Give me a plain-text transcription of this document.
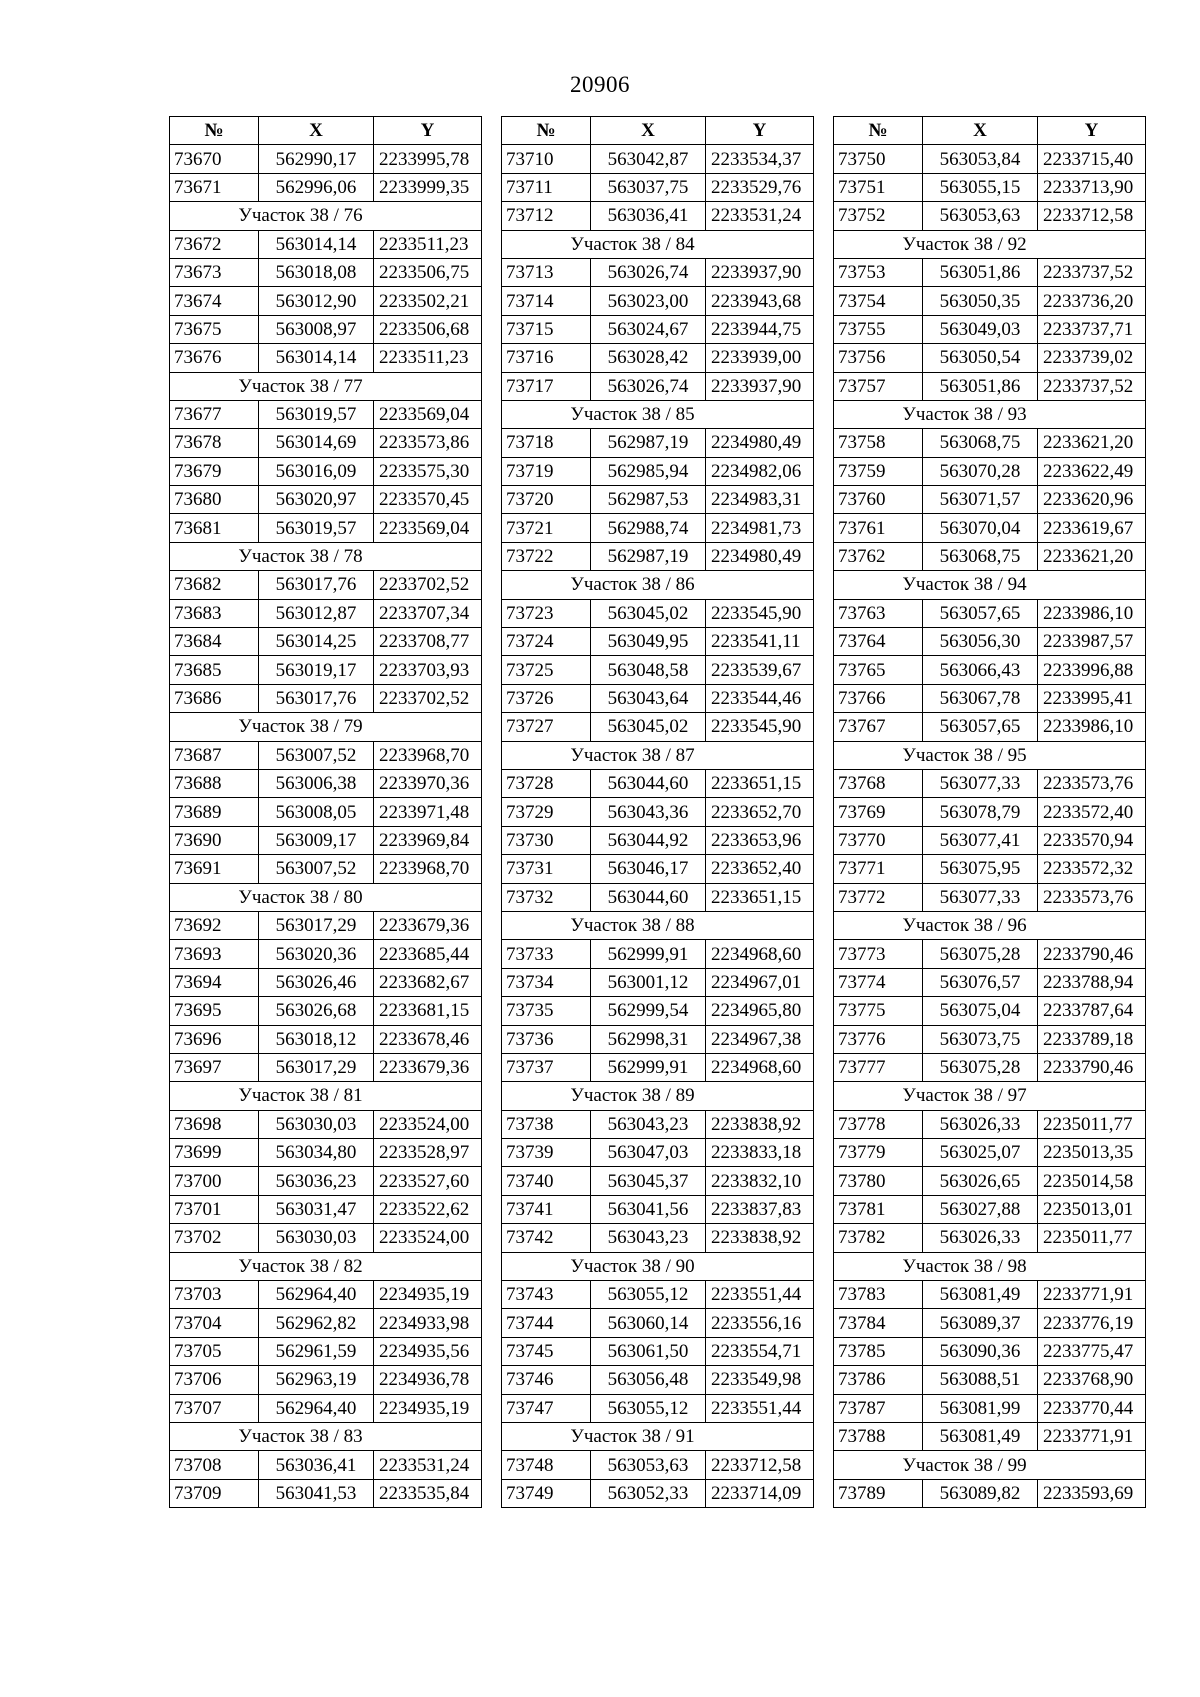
20906
№	X	Y
73670	562990,17	2233995,78
73671	562996,06	2233999,35
Участок 38 / 76		
73672	563014,14	2233511,23
73673	563018,08	2233506,75
73674	563012,90	2233502,21
73675	563008,97	2233506,68
73676	563014,14	2233511,23
Участок 38 / 77		
73677	563019,57	2233569,04
73678	563014,69	2233573,86
73679	563016,09	2233575,30
73680	563020,97	2233570,45
73681	563019,57	2233569,04
Участок 38 / 78		
73682	563017,76	2233702,52
73683	563012,87	2233707,34
73684	563014,25	2233708,77
73685	563019,17	2233703,93
73686	563017,76	2233702,52
Участок 38 / 79		
73687	563007,52	2233968,70
73688	563006,38	2233970,36
73689	563008,05	2233971,48
73690	563009,17	2233969,84
73691	563007,52	2233968,70
Участок 38 / 80		
73692	563017,29	2233679,36
73693	563020,36	2233685,44
73694	563026,46	2233682,67
73695	563026,68	2233681,15
73696	563018,12	2233678,46
73697	563017,29	2233679,36
Участок 38 / 81		
73698	563030,03	2233524,00
73699	563034,80	2233528,97
73700	563036,23	2233527,60
73701	563031,47	2233522,62
73702	563030,03	2233524,00
Участок 38 / 82		
73703	562964,40	2234935,19
73704	562962,82	2234933,98
73705	562961,59	2234935,56
73706	562963,19	2234936,78
73707	562964,40	2234935,19
Участок 38 / 83		
73708	563036,41	2233531,24
73709	563041,53	2233535,84
№	X	Y
73710	563042,87	2233534,37
73711	563037,75	2233529,76
73712	563036,41	2233531,24
Участок 38 / 84		
73713	563026,74	2233937,90
73714	563023,00	2233943,68
73715	563024,67	2233944,75
73716	563028,42	2233939,00
73717	563026,74	2233937,90
Участок 38 / 85		
73718	562987,19	2234980,49
73719	562985,94	2234982,06
73720	562987,53	2234983,31
73721	562988,74	2234981,73
73722	562987,19	2234980,49
Участок 38 / 86		
73723	563045,02	2233545,90
73724	563049,95	2233541,11
73725	563048,58	2233539,67
73726	563043,64	2233544,46
73727	563045,02	2233545,90
Участок 38 / 87		
73728	563044,60	2233651,15
73729	563043,36	2233652,70
73730	563044,92	2233653,96
73731	563046,17	2233652,40
73732	563044,60	2233651,15
Участок 38 / 88		
73733	562999,91	2234968,60
73734	563001,12	2234967,01
73735	562999,54	2234965,80
73736	562998,31	2234967,38
73737	562999,91	2234968,60
Участок 38 / 89		
73738	563043,23	2233838,92
73739	563047,03	2233833,18
73740	563045,37	2233832,10
73741	563041,56	2233837,83
73742	563043,23	2233838,92
Участок 38 / 90		
73743	563055,12	2233551,44
73744	563060,14	2233556,16
73745	563061,50	2233554,71
73746	563056,48	2233549,98
73747	563055,12	2233551,44
Участок 38 / 91		
73748	563053,63	2233712,58
73749	563052,33	2233714,09
№	X	Y
73750	563053,84	2233715,40
73751	563055,15	2233713,90
73752	563053,63	2233712,58
Участок 38 / 92		
73753	563051,86	2233737,52
73754	563050,35	2233736,20
73755	563049,03	2233737,71
73756	563050,54	2233739,02
73757	563051,86	2233737,52
Участок 38 / 93		
73758	563068,75	2233621,20
73759	563070,28	2233622,49
73760	563071,57	2233620,96
73761	563070,04	2233619,67
73762	563068,75	2233621,20
Участок 38 / 94		
73763	563057,65	2233986,10
73764	563056,30	2233987,57
73765	563066,43	2233996,88
73766	563067,78	2233995,41
73767	563057,65	2233986,10
Участок 38 / 95		
73768	563077,33	2233573,76
73769	563078,79	2233572,40
73770	563077,41	2233570,94
73771	563075,95	2233572,32
73772	563077,33	2233573,76
Участок 38 / 96		
73773	563075,28	2233790,46
73774	563076,57	2233788,94
73775	563075,04	2233787,64
73776	563073,75	2233789,18
73777	563075,28	2233790,46
Участок 38 / 97		
73778	563026,33	2235011,77
73779	563025,07	2235013,35
73780	563026,65	2235014,58
73781	563027,88	2235013,01
73782	563026,33	2235011,77
Участок 38 / 98		
73783	563081,49	2233771,91
73784	563089,37	2233776,19
73785	563090,36	2233775,47
73786	563088,51	2233768,90
73787	563081,99	2233770,44
73788	563081,49	2233771,91
Участок 38 / 99		
73789	563089,82	2233593,69
